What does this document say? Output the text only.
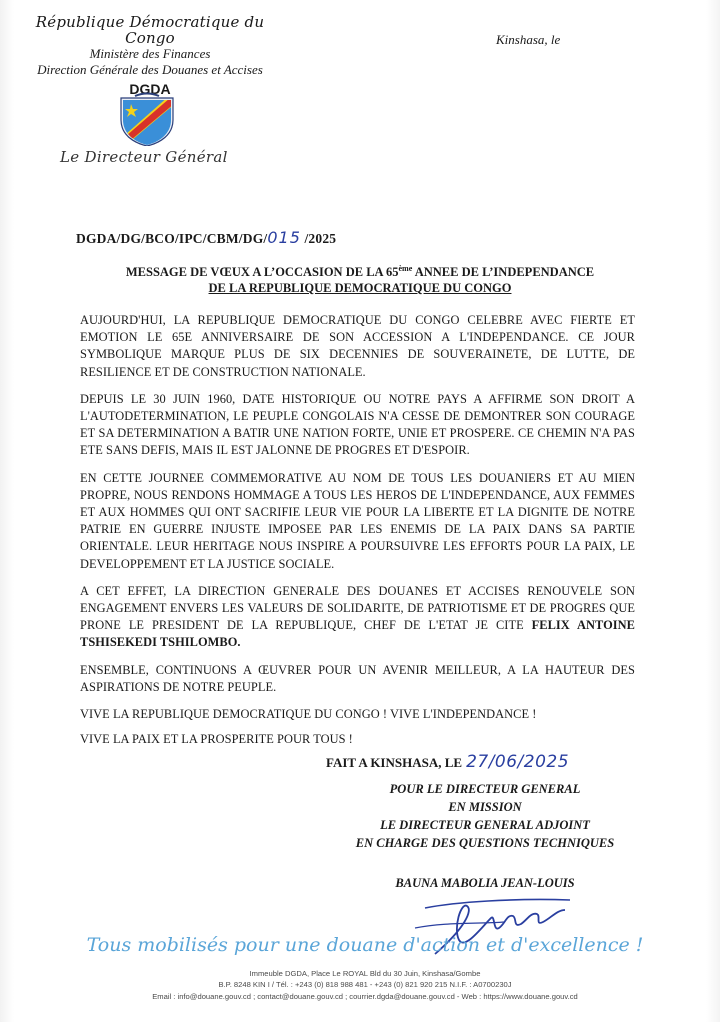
République Démocratique du Congo
Ministère des Finances
Direction Générale des Douanes et Accises
DGDA
Le Directeur Général
Kinshasa, le
DGDA/DG/BCO/IPC/CBM/DG/015 /2025
MESSAGE DE VŒUX A L’OCCASION DE LA 65ème ANNEE DE L’INDEPENDANCE
DE LA REPUBLIQUE DEMOCRATIQUE DU CONGO

AUJOURD'HUI, LA REPUBLIQUE DEMOCRATIQUE DU CONGO CELEBRE AVEC FIERTE ET EMOTION LE 65E ANNIVERSAIRE DE SON ACCESSION A L'INDEPENDANCE. CE JOUR SYMBOLIQUE MARQUE PLUS DE SIX DECENNIES DE SOUVERAINETE, DE LUTTE, DE RESILIENCE ET DE CONSTRUCTION NATIONALE.

DEPUIS LE 30 JUIN 1960, DATE HISTORIQUE OU NOTRE PAYS A AFFIRME SON DROIT A L'AUTODETERMINATION, LE PEUPLE CONGOLAIS N'A CESSE DE DEMONTRER SON COURAGE ET SA DETERMINATION A BATIR UNE NATION FORTE, UNIE ET PROSPERE. CE CHEMIN N'A PAS ETE SANS DEFIS, MAIS IL EST JALONNE DE PROGRES ET D'ESPOIR.

EN CETTE JOURNEE COMMEMORATIVE AU NOM DE TOUS LES DOUANIERS ET AU MIEN PROPRE, NOUS RENDONS HOMMAGE A TOUS LES HEROS DE L'INDEPENDANCE, AUX FEMMES ET AUX HOMMES QUI ONT SACRIFIE LEUR VIE POUR LA LIBERTE ET LA DIGNITE DE NOTRE PATRIE EN GUERRE INJUSTE IMPOSEE PAR LES ENEMIS DE LA PAIX DANS SA PARTIE ORIENTALE. LEUR HERITAGE NOUS INSPIRE A POURSUIVRE LES EFFORTS POUR LA PAIX, LE DEVELOPPEMENT ET LA JUSTICE SOCIALE.

A CET EFFET, LA DIRECTION GENERALE DES DOUANES ET ACCISES RENOUVELE SON ENGAGEMENT ENVERS LES VALEURS DE SOLIDARITE, DE PATRIOTISME ET DE PROGRES QUE PRONE LE PRESIDENT DE LA REPUBLIQUE, CHEF DE L'ETAT JE CITE FELIX ANTOINE TSHISEKEDI TSHILOMBO.

ENSEMBLE, CONTINUONS A ŒUVRER POUR UN AVENIR MEILLEUR, A LA HAUTEUR DES ASPIRATIONS DE NOTRE PEUPLE.

VIVE LA REPUBLIQUE DEMOCRATIQUE DU CONGO ! VIVE L'INDEPENDANCE !

VIVE LA PAIX ET LA PROSPERITE POUR TOUS !

FAIT A KINSHASA, LE 27/06/2025
POUR LE DIRECTEUR GENERAL
EN MISSION
LE DIRECTEUR GENERAL ADJOINT
EN CHARGE DES QUESTIONS TECHNIQUES
BAUNA MABOLIA JEAN-LOUIS
Tous mobilisés pour une douane d'action et d'excellence !
Immeuble DGDA, Place Le ROYAL Bld du 30 Juin, Kinshasa/Gombe
B.P. 8248 KIN I / Tél. : +243 (0) 818 988 481 - +243 (0) 821 920 215 N.I.F. : A0700230J
Email : info@douane.gouv.cd ; contact@douane.gouv.cd ; courrier.dgda@douane.gouv.cd - Web : https://www.douane.gouv.cd
